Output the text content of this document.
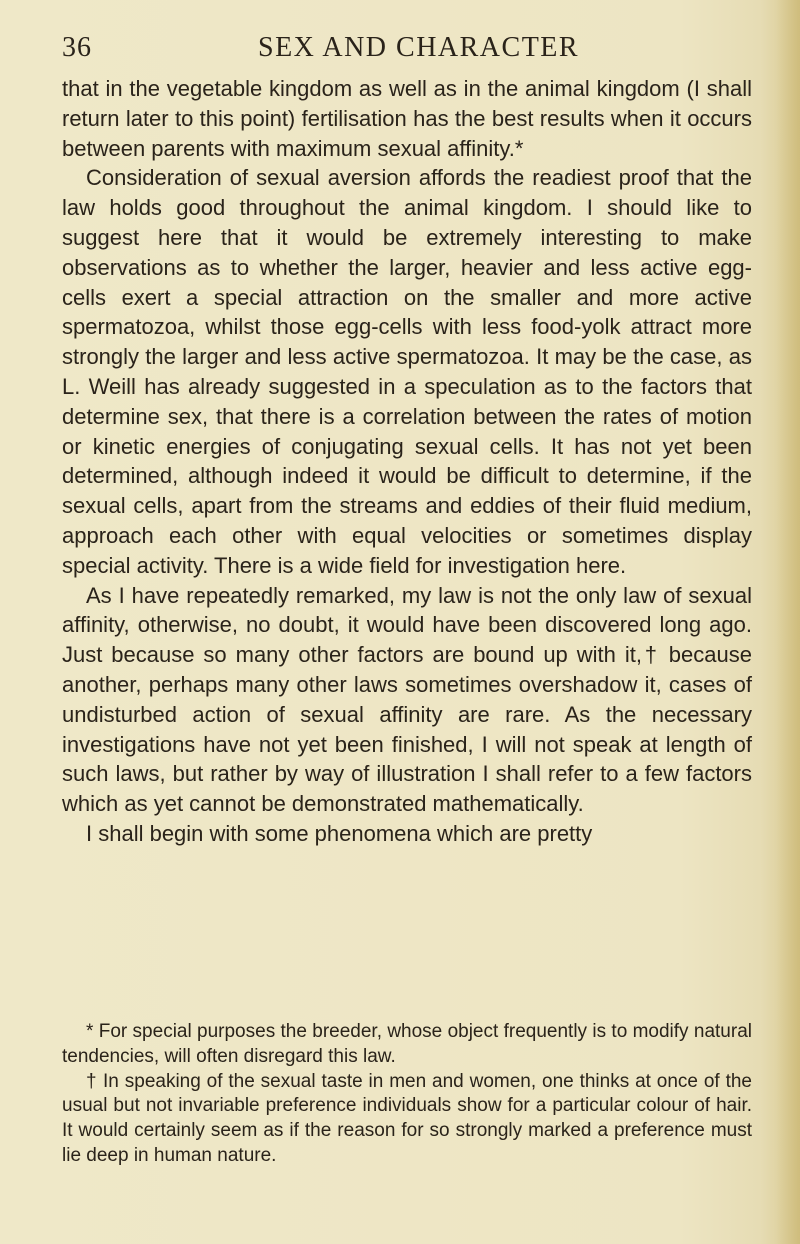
36	SEX AND CHARACTER

that in the vegetable kingdom as well as in the animal kingdom (I shall return later to this point) fertilisation has the best results when it occurs between parents with maximum sexual affinity.*

Consideration of sexual aversion affords the readiest proof that the law holds good throughout the animal kingdom. I should like to suggest here that it would be extremely interesting to make observations as to whether the larger, heavier and less active egg-cells exert a special attraction on the smaller and more active spermatozoa, whilst those egg-cells with less food-yolk attract more strongly the larger and less active spermatozoa. It may be the case, as L. Weill has already suggested in a speculation as to the factors that determine sex, that there is a correlation between the rates of motion or kinetic energies of conjugating sexual cells. It has not yet been determined, although indeed it would be difficult to determine, if the sexual cells, apart from the streams and eddies of their fluid medium, approach each other with equal velocities or sometimes display special activity. There is a wide field for investigation here.

As I have repeatedly remarked, my law is not the only law of sexual affinity, otherwise, no doubt, it would have been discovered long ago. Just because so many other factors are bound up with it,† because another, perhaps many other laws sometimes overshadow it, cases of undisturbed action of sexual affinity are rare. As the necessary investigations have not yet been finished, I will not speak at length of such laws, but rather by way of illustration I shall refer to a few factors which as yet cannot be demonstrated mathematically.

I shall begin with some phenomena which are pretty

* For special purposes the breeder, whose object frequently is to modify natural tendencies, will often disregard this law.

† In speaking of the sexual taste in men and women, one thinks at once of the usual but not invariable preference individuals show for a particular colour of hair. It would certainly seem as if the reason for so strongly marked a preference must lie deep in human nature.
